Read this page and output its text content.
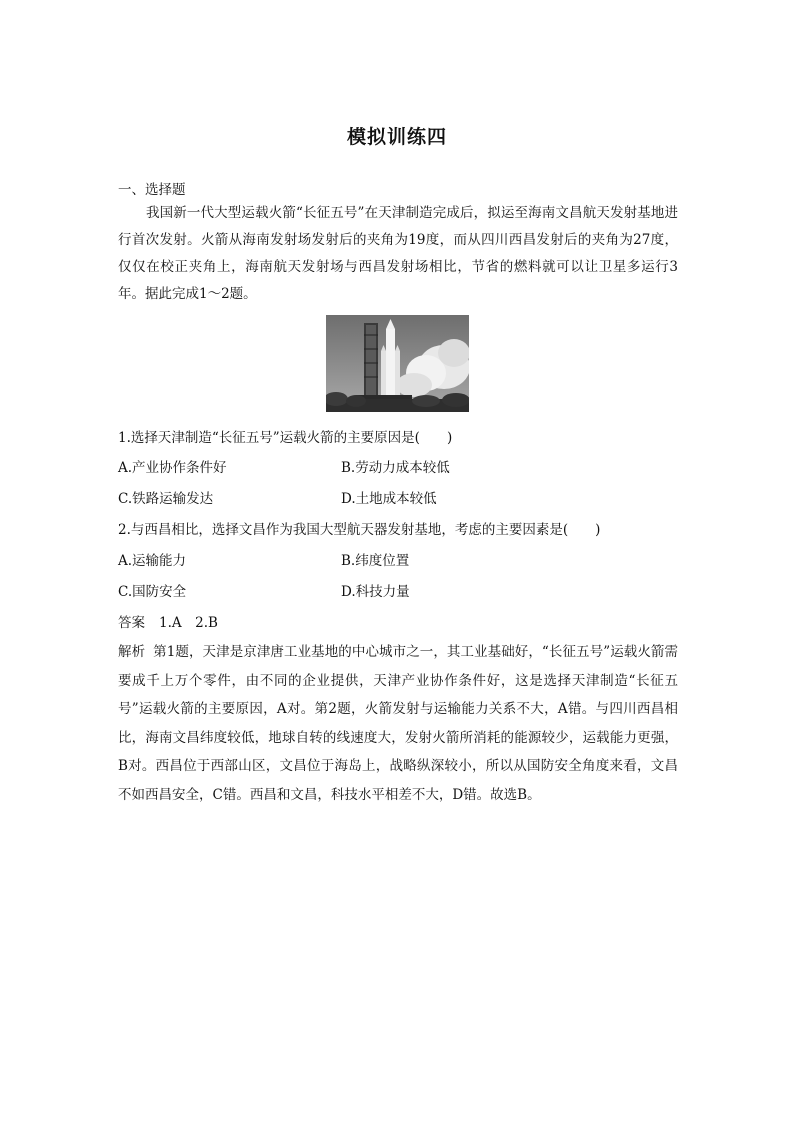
模拟训练四
一、选择题
我国新一代大型运载火箭“长征五号”在天津制造完成后，拟运至海南文昌航天发射基地进行首次发射。火箭从海南发射场发射后的夹角为19度，而从四川西昌发射后的夹角为27度，仅仅在校正夹角上，海南航天发射场与西昌发射场相比，节省的燃料就可以让卫星多运行3年。据此完成1～2题。
1.选择天津制造“长征五号”运载火箭的主要原因是(　　)
A.产业协作条件好	B.劳动力成本较低
C.铁路运输发达	D.土地成本较低
2.与西昌相比，选择文昌作为我国大型航天器发射基地，考虑的主要因素是(　　)
A.运输能力	B.纬度位置
C.国防安全	D.科技力量
答案 1.A　2.B
解析 第1题，天津是京津唐工业基地的中心城市之一，其工业基础好，“长征五号”运载火箭需要成千上万个零件，由不同的企业提供，天津产业协作条件好，这是选择天津制造“长征五号”运载火箭的主要原因，A对。第2题，火箭发射与运输能力关系不大，A错。与四川西昌相比，海南文昌纬度较低，地球自转的线速度大，发射火箭所消耗的能源较少，运载能力更强，B对。西昌位于西部山区，文昌位于海岛上，战略纵深较小，所以从国防安全角度来看，文昌不如西昌安全，C错。西昌和文昌，科技水平相差不大，D错。故选B。
